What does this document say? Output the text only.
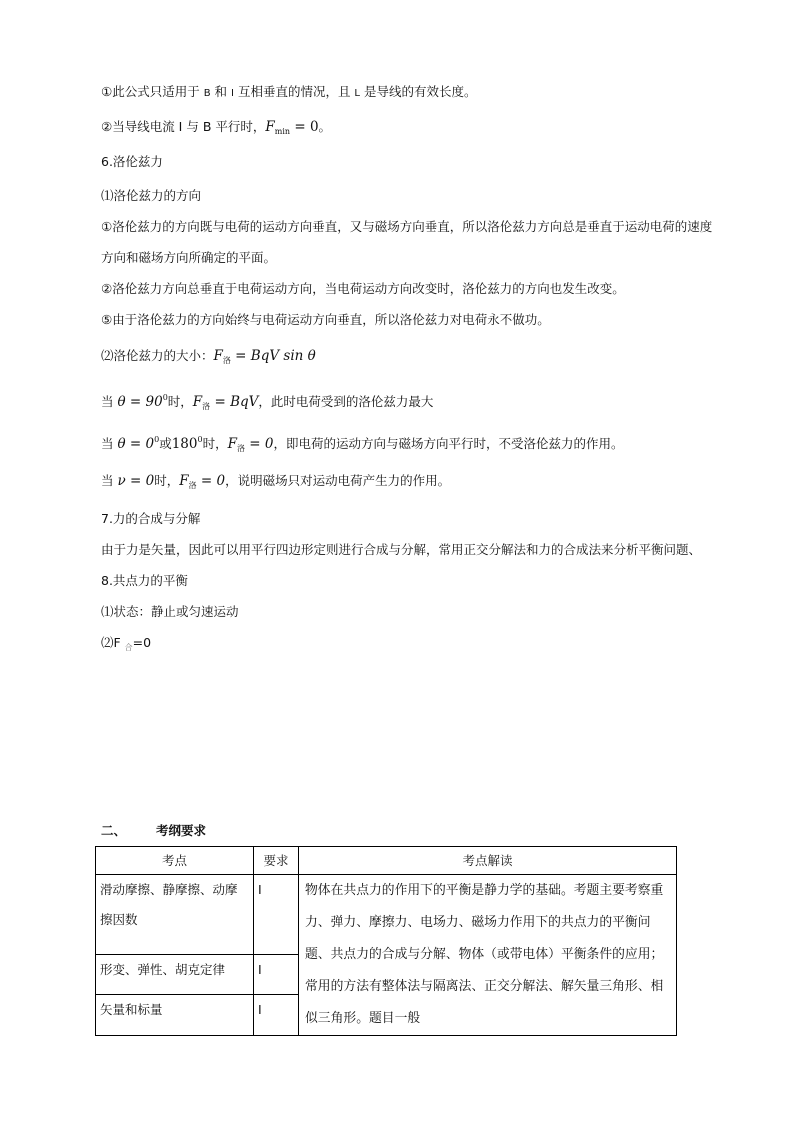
①此公式只适用于 B 和 I 互相垂直的情况，且 L 是导线的有效长度。
②当导线电流 I 与 B 平行时，$F_{min} = 0$。
6.洛伦兹力
⑴洛伦兹力的方向
①洛伦兹力的方向既与电荷的运动方向垂直，又与磁场方向垂直，所以洛伦兹力方向总是垂直于运动电荷的速度
方向和磁场方向所确定的平面。
②洛伦兹力方向总垂直于电荷运动方向，当电荷运动方向改变时，洛伦兹力的方向也发生改变。
⑤由于洛伦兹力的方向始终与电荷运动方向垂直，所以洛伦兹力对电荷永不做功。
⑵洛伦兹力的大小：$F_洛$ = BqV sin θ
当 $\theta = 90^0$时，$F_洛$ = BqV，此时电荷受到的洛伦兹力最大
当 $\theta = 0^0$或$180^0$时，$F_洛 = 0$，即电荷的运动方向与磁场方向平行时，不受洛伦兹力的作用。
当 ν = 0时，$F_洛 = 0$，说明磁场只对运动电荷产生力的作用。
7.力的合成与分解
由于力是矢量，因此可以用平行四边形定则进行合成与分解，常用正交分解法和力的合成法来分析平衡问题、
8.共点力的平衡
⑴状态：静止或匀速运动
⑵F $_合$=0
二、 考纲要求
考点	要求	考点解读
滑动摩擦、静摩擦、动摩擦因数	Ⅰ	物体在共点力的作用下的平衡是静力学的基础。考题主要考察重力、弹力、摩擦力、电场力、磁场力作用下的共点力的平衡问题、共点力的合成与分解、物体（或带电体）平衡条件的应用；常用的方法有整体法与隔离法、正交分解法、解矢量三角形、相似三角形。题目一般
形变、弹性、胡克定律	Ⅰ	
矢量和标量	Ⅰ	
